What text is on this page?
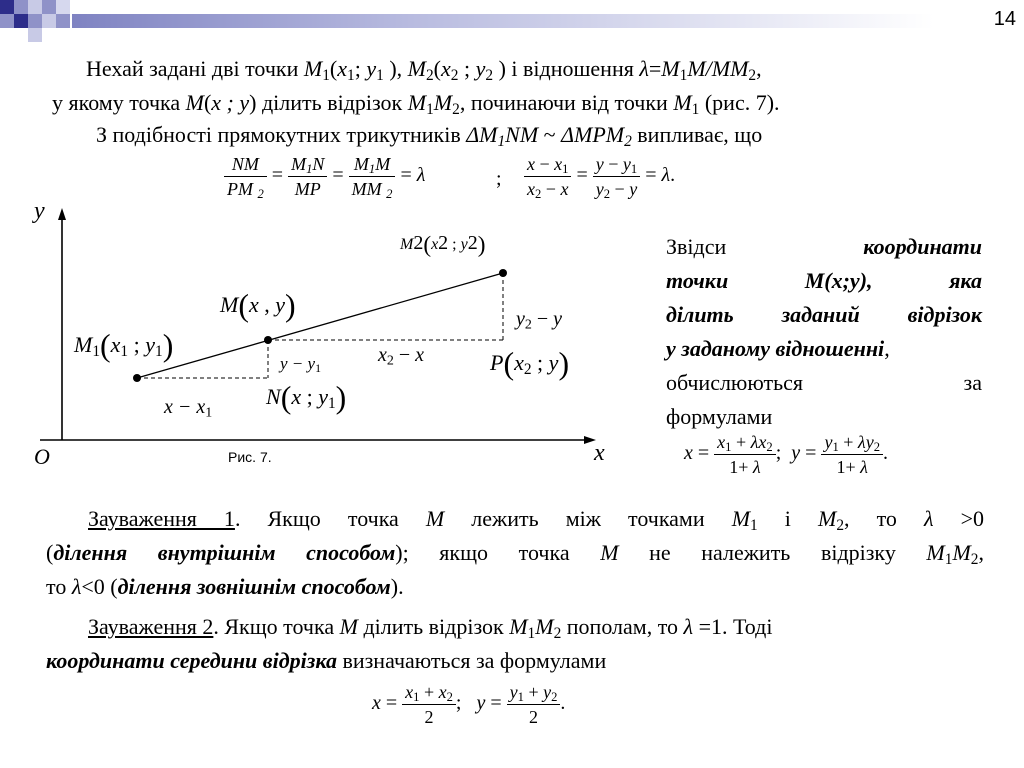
14
Нехай задані дві точки $M_1(x_1$; $y_1$ ), $M_2(x_2$ ; $y_2$ ) і відношення $\lambda=M_1M/MM_2$,
у якому точка M(x ; y) ділить відрізок $M_1M_2$, починаючи від точки $M_1$ (рис. 7).
З подібності прямокутних трикутників $\Delta M_1NM$ ~ $\Delta MPM_2$ випливає, що
$\frac{NM}{PM _2} = \frac{M_1N}{MP} = \frac{M_1M}{MM _2} = \lambda$	; $\frac{x - x_1}{x_2 - x} = \frac{y - y_1}{y_2 - y} = \lambda$.
y
x
O	Рис. 7.
$M_1(x_1$ ; $y_1$)
M(x , y)
M2(x2 ; y2)
N(x ; $y_1$)
$P(x_2$ ; y)
$x - x_1$
$y - y_1$
$x_2 - x$
$y_2 - y$
Звідси	координати
точки	M(x;y),	яка
ділить заданий відрізок
у заданому відношенні,
обчислюються	за
формулами
$x = \frac{x_1 + \lambda x_2}{1+ \lambda}$ ;  $y = \frac{y_1 + \lambda y_2}{1+ \lambda}$ .
Зауваження 1. Якщо точка M лежить між точками $M_1$ і $M_2$, то λ >0
(ділення внутрішнім способом); якщо точка M не належить відрізку $M_1M_2$,
то λ<0 (ділення зовнішнім способом).
Зауваження 2. Якщо точка M ділить відрізок $M_1M_2$ пополам, то λ =1. Тоді
координати середини відрізка визначаються за формулами
$x = \frac{x_1 + x_2}{2}$ ;   $y = \frac{y_1 + y_2}{2}$ .
